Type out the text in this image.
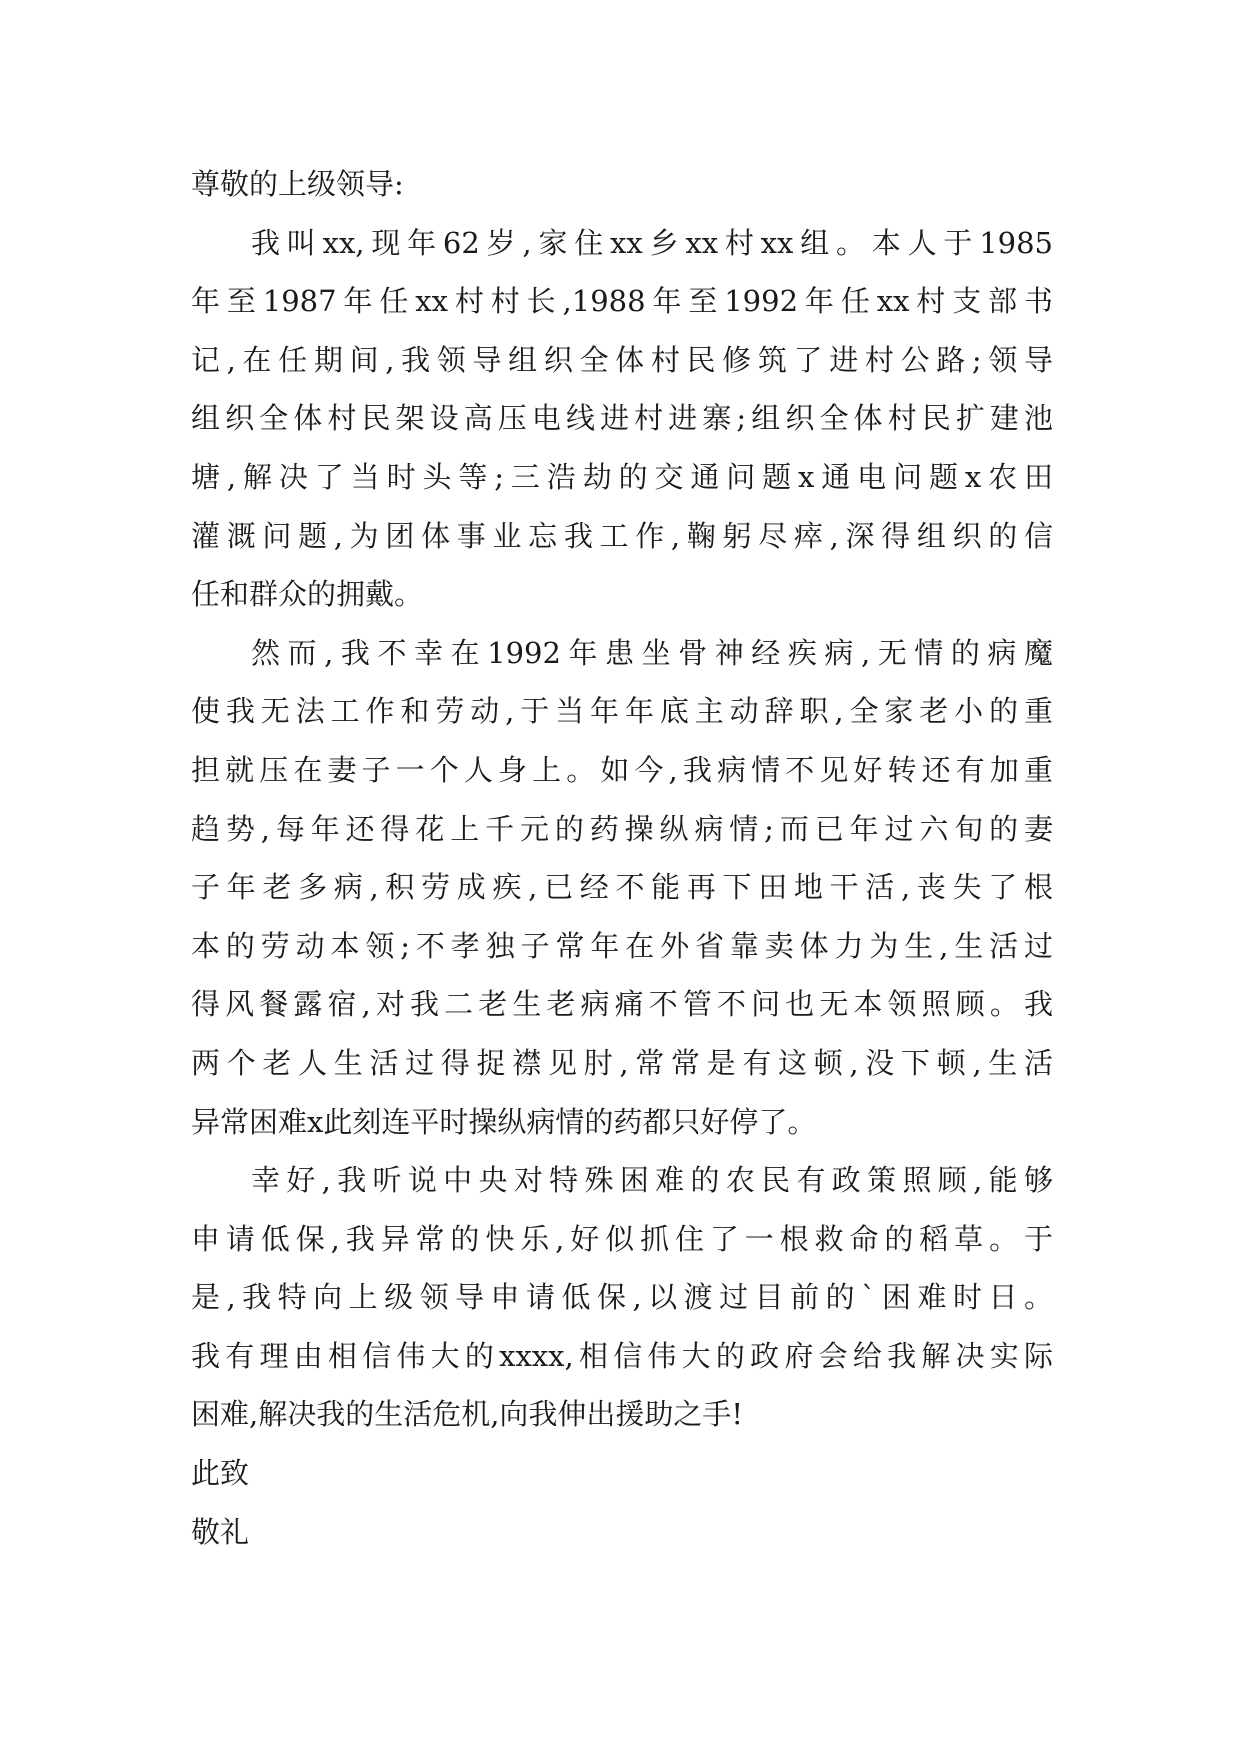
尊敬的上级领导:
我叫xx,现年62岁,家住xx乡xx村xx组。本人于1985
年至1987年任xx村村长,1988年至1992年任xx村支部书
记,在任期间,我领导组织全体村民修筑了进村公路;领导
组织全体村民架设高压电线进村进寨;组织全体村民扩建池
塘,解决了当时头等;三浩劫的交通问题x通电问题x农田
灌溉问题,为团体事业忘我工作,鞠躬尽瘁,深得组织的信
任和群众的拥戴。
然而,我不幸在1992年患坐骨神经疾病,无情的病魔
使我无法工作和劳动,于当年年底主动辞职,全家老小的重
担就压在妻子一个人身上。如今,我病情不见好转还有加重
趋势,每年还得花上千元的药操纵病情;而已年过六旬的妻
子年老多病,积劳成疾,已经不能再下田地干活,丧失了根
本的劳动本领;不孝独子常年在外省靠卖体力为生,生活过
得风餐露宿,对我二老生老病痛不管不问也无本领照顾。我
两个老人生活过得捉襟见肘,常常是有这顿,没下顿,生活
异常困难x此刻连平时操纵病情的药都只好停了。
幸好,我听说中央对特殊困难的农民有政策照顾,能够
申请低保,我异常的快乐,好似抓住了一根救命的稻草。于
是,我特向上级领导申请低保,以渡过目前的`困难时日。
我有理由相信伟大的xxxx,相信伟大的政府会给我解决实际
困难,解决我的生活危机,向我伸出援助之手!
此致
敬礼
